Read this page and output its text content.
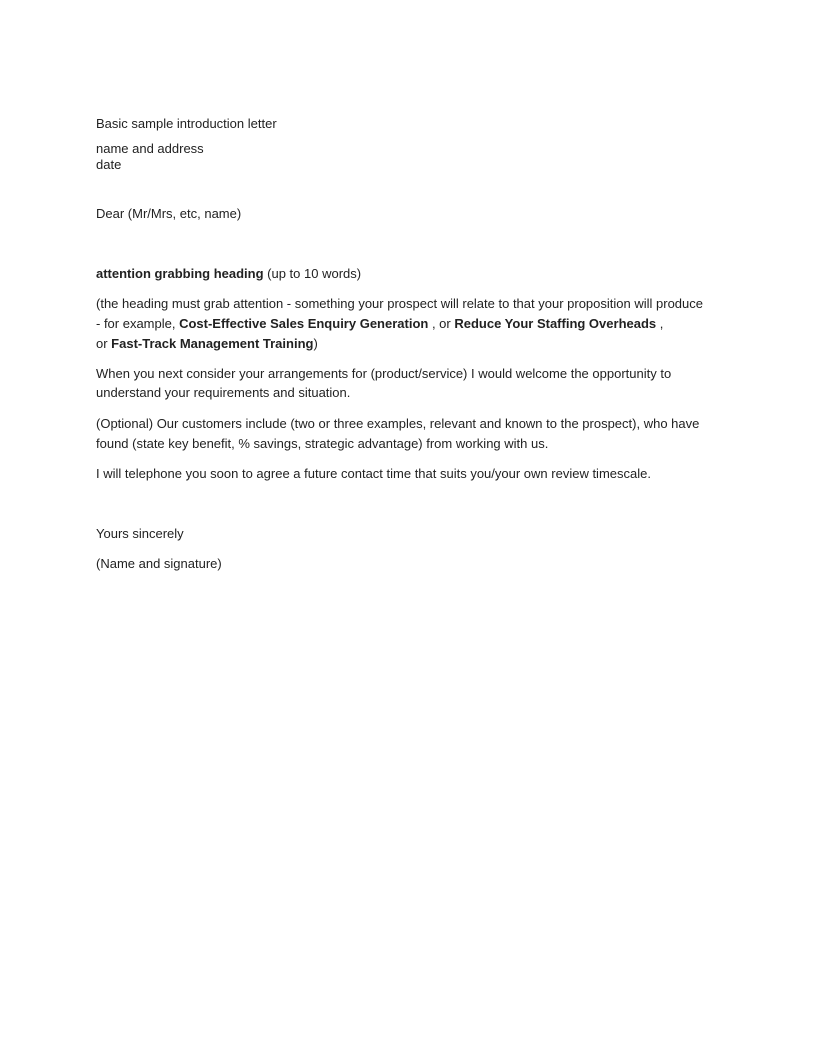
Basic sample introduction letter
name and address
date
Dear (Mr/Mrs, etc, name)
attention grabbing heading (up to 10 words)
(the heading must grab attention - something your prospect will relate to that your proposition will produce
- for example, Cost-Effective Sales Enquiry Generation , or Reduce Your Staffing Overheads ,
or Fast-Track Management Training)
When you next consider your arrangements for (product/service) I would welcome the opportunity to
understand your requirements and situation.
(Optional) Our customers include (two or three examples, relevant and known to the prospect), who have
found (state key benefit, % savings, strategic advantage) from working with us.
I will telephone you soon to agree a future contact time that suits you/your own review timescale.
Yours sincerely
(Name and signature)
